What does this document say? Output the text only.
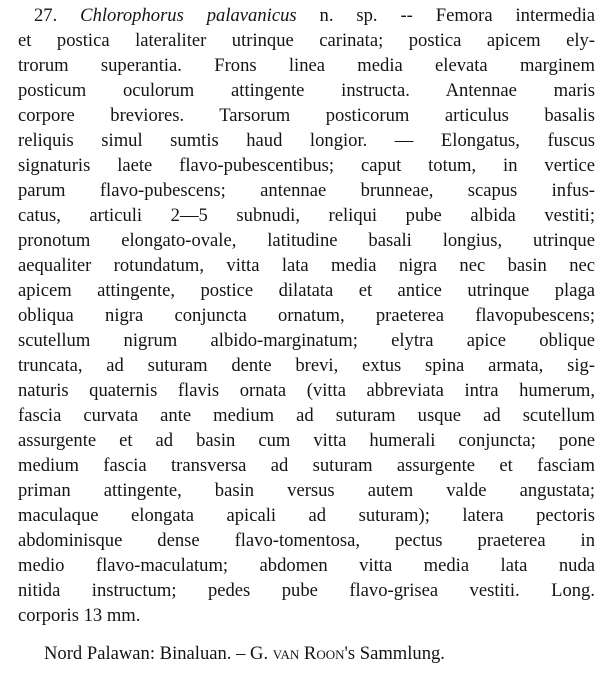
27. Chlorophorus palavanicus n. sp. -- Femora intermedia
et postica lateraliter utrinque carinata; postica apicem ely-
trorum superantia. Frons linea media elevata marginem
posticum oculorum attingente instructa. Antennae maris
corpore breviores. Tarsorum posticorum articulus basalis
reliquis simul sumtis haud longior. — Elongatus, fuscus
signaturis laete flavo-pubescentibus; caput totum, in vertice
parum flavo-pubescens; antennae brunneae, scapus infus-
catus, articuli 2—5 subnudi, reliqui pube albida vestiti;
pronotum elongato-ovale, latitudine basali longius, utrinque
aequaliter rotundatum, vitta lata media nigra nec basin nec
apicem attingente, postice dilatata et antice utrinque plaga
obliqua nigra conjuncta ornatum, praeterea flavopubescens;
scutellum nigrum albido-marginatum; elytra apice oblique
truncata, ad suturam dente brevi, extus spina armata, sig-
naturis quaternis flavis ornata (vitta abbreviata intra humerum,
fascia curvata ante medium ad suturam usque ad scutellum
assurgente et ad basin cum vitta humerali conjuncta; pone
medium fascia transversa ad suturam assurgente et fasciam
priman attingente, basin versus autem valde angustata;
maculaque elongata apicali ad suturam); latera pectoris
abdominisque dense flavo-tomentosa, pectus praeterea in
medio flavo-maculatum; abdomen vitta media lata nuda
nitida instructum; pedes pube flavo-grisea vestiti. Long.
corporis 13 mm.
Nord Palawan: Binaluan. – G. van Roon's Sammlung.
